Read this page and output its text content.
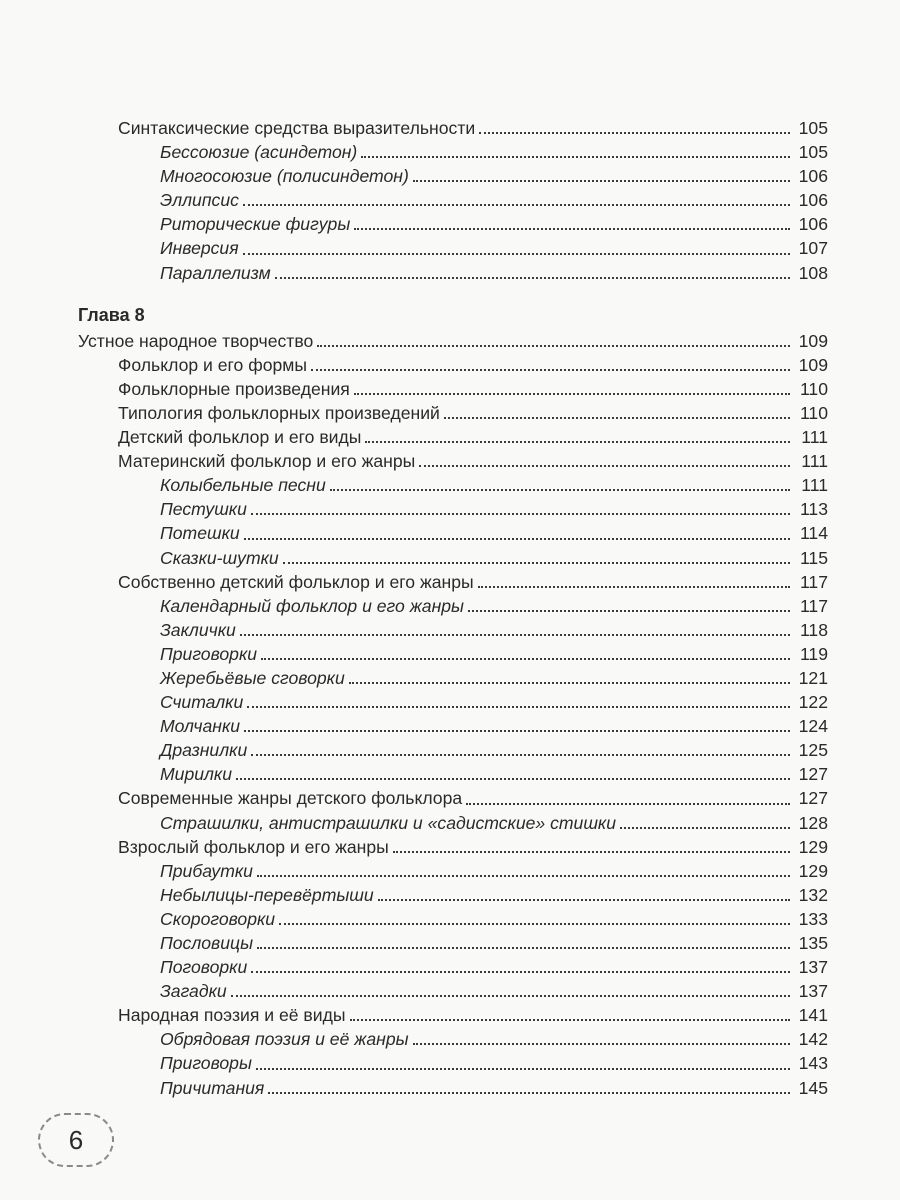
Синтаксические средства выразительности	105
Бессоюзие (асиндетон)	105
Многосоюзие (полисиндетон)	106
Эллипсис	106
Риторические фигуры	106
Инверсия	107
Параллелизм	108
Глава 8
Устное народное творчество	109
Фольклор и его формы	109
Фольклорные произведения	110
Типология фольклорных произведений	110
Детский фольклор и его виды	111
Материнский фольклор и его жанры	111
Колыбельные песни	111
Пестушки	113
Потешки	114
Сказки-шутки	115
Собственно детский фольклор и его жанры	117
Календарный фольклор и его жанры	117
Заклички	118
Приговорки	119
Жеребьёвые сговорки	121
Считалки	122
Молчанки	124
Дразнилки	125
Мирилки	127
Современные жанры детского фольклора	127
Страшилки, антистрашилки и «садистские» стишки	128
Взрослый фольклор и его жанры	129
Прибаутки	129
Небылицы-перевёртыши	132
Скороговорки	133
Пословицы	135
Поговорки	137
Загадки	137
Народная поэзия и её виды	141
Обрядовая поэзия и её жанры	142
Приговоры	143
Причитания	145
6
